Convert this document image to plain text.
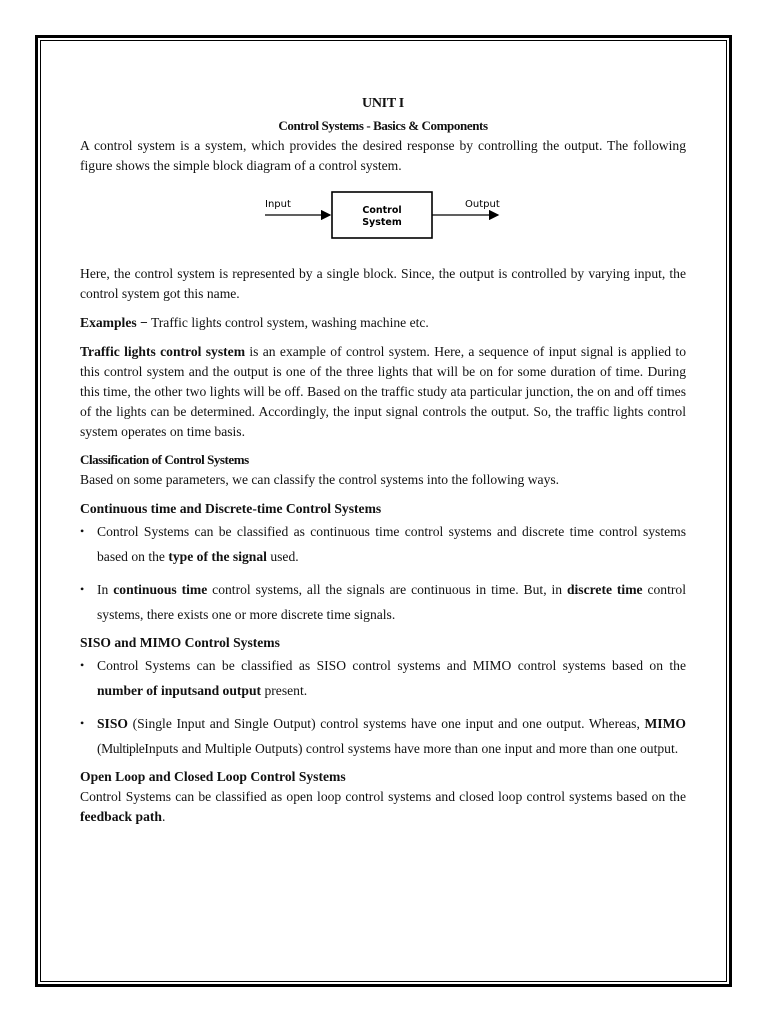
UNIT I

Control Systems - Basics & Components

A control system is a system, which provides the desired response by controlling the output. The following figure shows the simple block diagram of a control system.

Input
Control
System
Output

Here, the control system is represented by a single block. Since, the output is controlled by varying input, the control system got this name.

Examples − Traffic lights control system, washing machine etc.

Traffic lights control system is an example of control system. Here, a sequence of input signal is applied to this control system and the output is one of the three lights that will be on for some duration of time. During this time, the other two lights will be off. Based on the traffic study ata particular junction, the on and off times of the lights can be determined. Accordingly, the input signal controls the output. So, the traffic lights control system operates on time basis.

Classification of Control Systems

Based on some parameters, we can classify the control systems into the following ways.

Continuous time and Discrete-time Control Systems

• Control Systems can be classified as continuous time control systems and discrete time control systems based on the type of the signal used.
• In continuous time control systems, all the signals are continuous in time. But, in discrete time control systems, there exists one or more discrete time signals.

SISO and MIMO Control Systems

• Control Systems can be classified as SISO control systems and MIMO control systems based on the number of inputsand output present.
• SISO (Single Input and Single Output) control systems have one input and one output. Whereas, MIMO (MultipleInputs and Multiple Outputs) control systems have more than one input and more than one output.

Open Loop and Closed Loop Control Systems

Control Systems can be classified as open loop control systems and closed loop control systems based on the feedback path.
